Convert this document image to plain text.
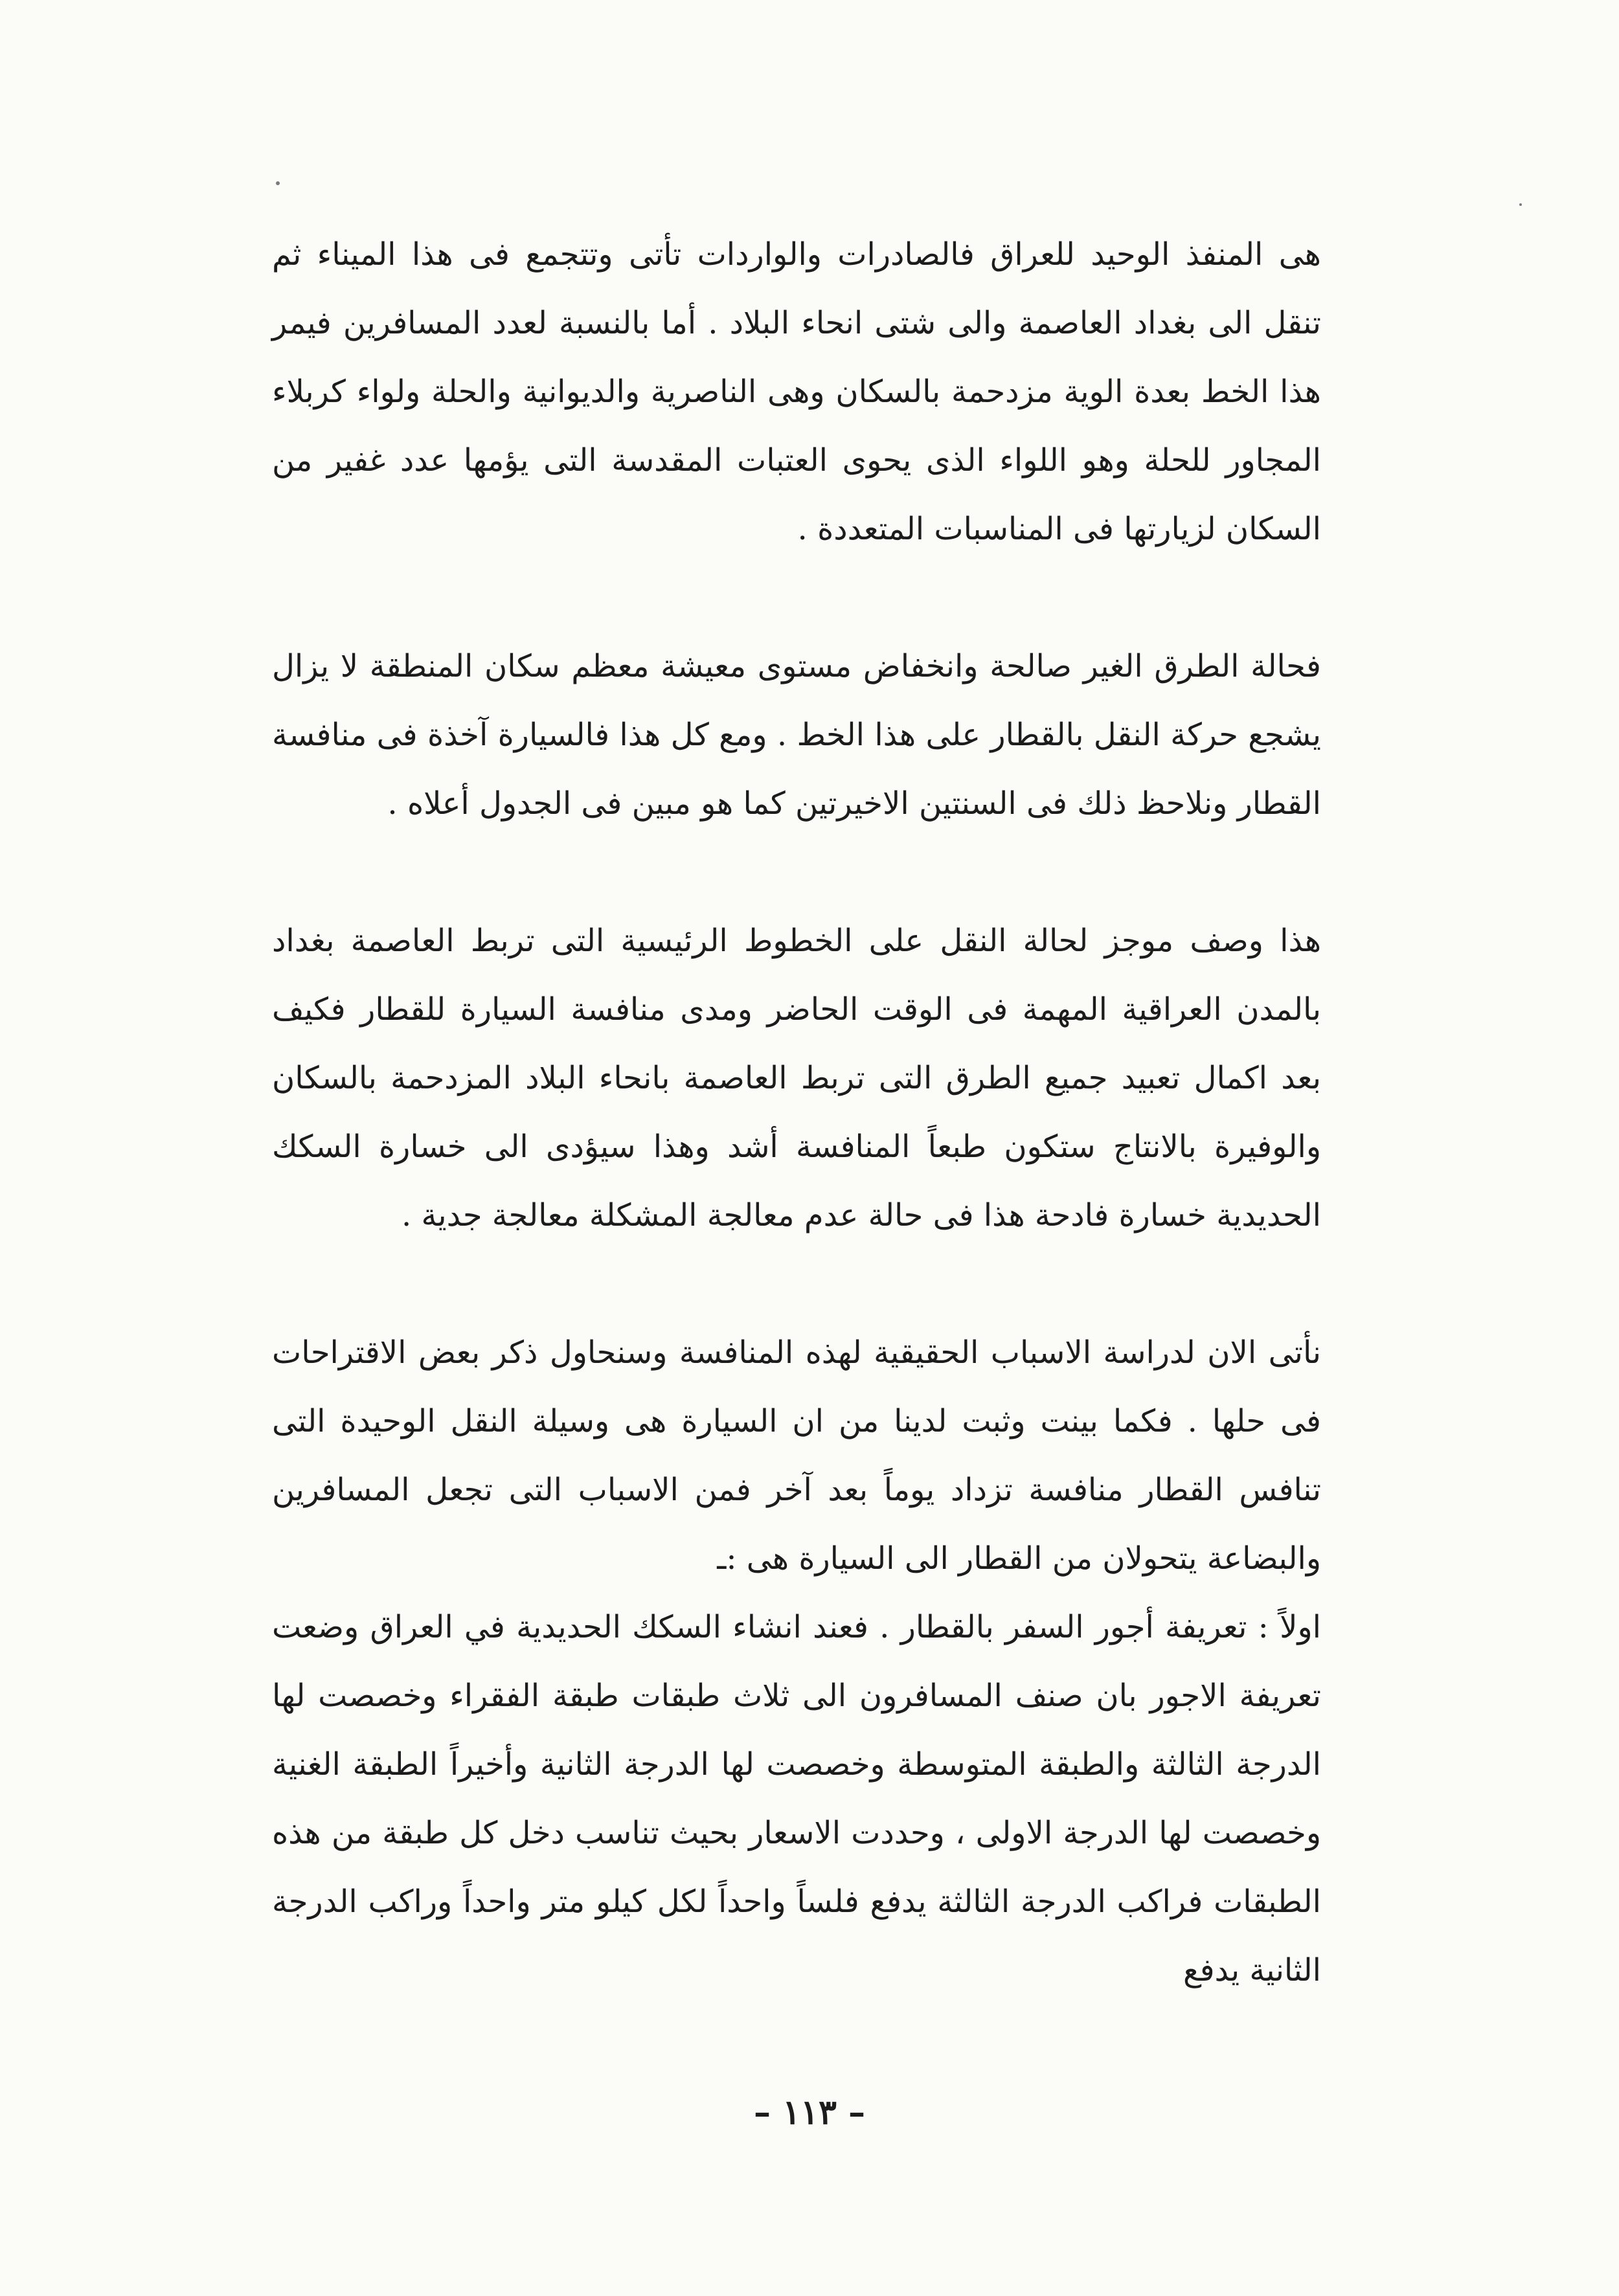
هى المنفذ الوحيد للعراق فالصادرات والواردات تأتى وتتجمع فى هذا الميناء ثم تنقل الى بغداد العاصمة والى شتى انحاء البلاد . أما بالنسبة لعدد المسافرين فيمر هذا الخط بعدة الوية مزدحمة بالسكان وهى الناصرية والديوانية والحلة ولواء كربلاء المجاور للحلة وهو اللواء الذى يحوى العتبات المقدسة التى يؤمها عدد غفير من السكان لزيارتها فى المناسبات المتعددة .

فحالة الطرق الغير صالحة وانخفاض مستوى معيشة معظم سكان المنطقة لا يزال يشجع حركة النقل بالقطار على هذا الخط . ومع كل هذا فالسيارة آخذة فى منافسة القطار ونلاحظ ذلك فى السنتين الاخيرتين كما هو مبين فى الجدول أعلاه .

هذا وصف موجز لحالة النقل على الخطوط الرئيسية التى تربط العاصمة بغداد بالمدن العراقية المهمة فى الوقت الحاضر ومدى منافسة السيارة للقطار فكيف بعد اكمال تعبيد جميع الطرق التى تربط العاصمة بانحاء البلاد المزدحمة بالسكان والوفيرة بالانتاج ستكون طبعاً المنافسة أشد وهذا سيؤدى الى خسارة السكك الحديدية خسارة فادحة هذا فى حالة عدم معالجة المشكلة معالجة جدية .

نأتى الان لدراسة الاسباب الحقيقية لهذه المنافسة وسنحاول ذكر بعض الاقتراحات فى حلها . فكما بينت وثبت لدينا من ان السيارة هى وسيلة النقل الوحيدة التى تنافس القطار منافسة تزداد يوماً بعد آخر فمن الاسباب التى تجعل المسافرين والبضاعة يتحولان من القطار الى السيارة هى :ـ

اولاً : تعريفة أجور السفر بالقطار . فعند انشاء السكك الحديدية في العراق وضعت تعريفة الاجور بان صنف المسافرون الى ثلاث طبقات طبقة الفقراء وخصصت لها الدرجة الثالثة والطبقة المتوسطة وخصصت لها الدرجة الثانية وأخيراً الطبقة الغنية وخصصت لها الدرجة الاولى ، وحددت الاسعار بحيث تناسب دخل كل طبقة من هذه الطبقات فراكب الدرجة الثالثة يدفع فلساً واحداً لكل كيلو متر واحداً وراكب الدرجة الثانية يدفع

– ١١٣ –
